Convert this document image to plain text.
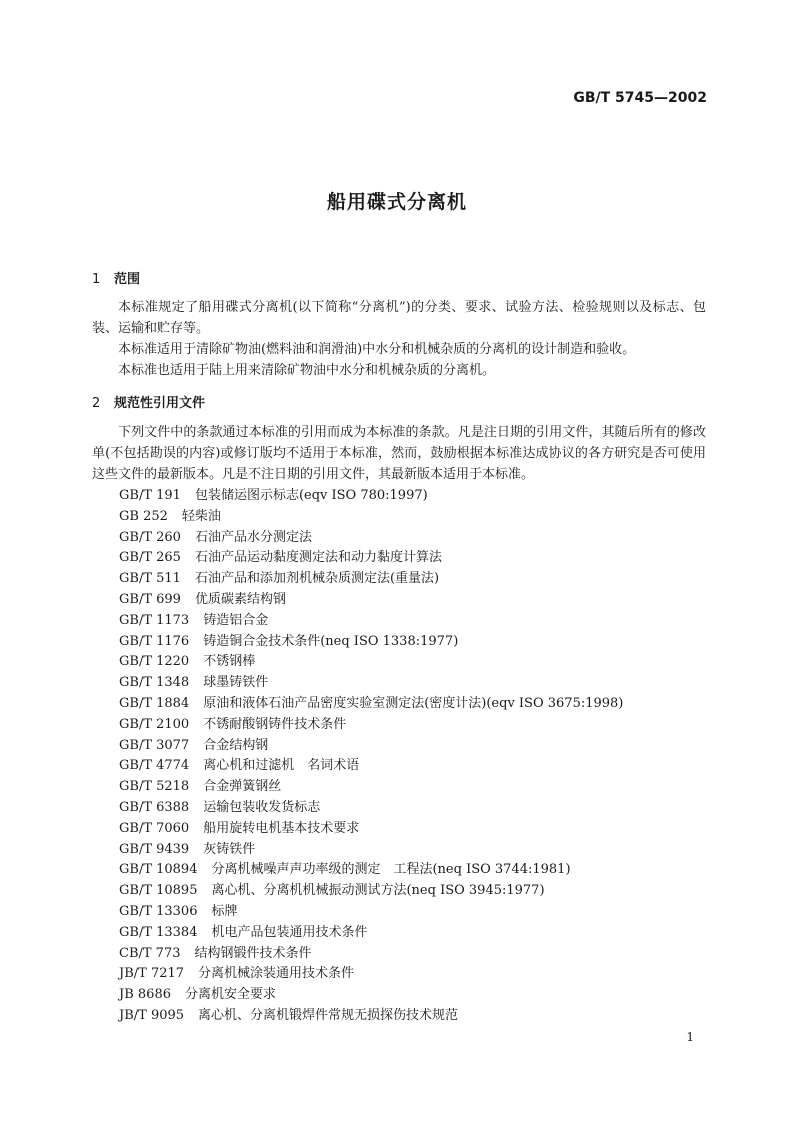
GB/T 5745—2002
船用碟式分离机
1 范围

本标准规定了船用碟式分离机(以下简称“分离机”)的分类、要求、试验方法、检验规则以及标志、包装、运输和贮存等。

本标准适用于清除矿物油(燃料油和润滑油)中水分和机械杂质的分离机的设计制造和验收。

本标准也适用于陆上用来清除矿物油中水分和机械杂质的分离机。

2 规范性引用文件

下列文件中的条款通过本标准的引用而成为本标准的条款。凡是注日期的引用文件，其随后所有的修改单(不包括勘误的内容)或修订版均不适用于本标准，然而，鼓励根据本标准达成协议的各方研究是否可使用这些文件的最新版本。凡是不注日期的引用文件，其最新版本适用于本标准。

GB/T 191 包装储运图示标志(eqv ISO 780:1997)
GB 252 轻柴油
GB/T 260 石油产品水分测定法
GB/T 265 石油产品运动黏度测定法和动力黏度计算法
GB/T 511 石油产品和添加剂机械杂质测定法(重量法)
GB/T 699 优质碳素结构钢
GB/T 1173 铸造铝合金
GB/T 1176 铸造铜合金技术条件(neq ISO 1338:1977)
GB/T 1220 不锈钢棒
GB/T 1348 球墨铸铁件
GB/T 1884 原油和液体石油产品密度实验室测定法(密度计法)(eqv ISO 3675:1998)
GB/T 2100 不锈耐酸钢铸件技术条件
GB/T 3077 合金结构钢
GB/T 4774 离心机和过滤机　名词术语
GB/T 5218 合金弹簧钢丝
GB/T 6388 运输包装收发货标志
GB/T 7060 船用旋转电机基本技术要求
GB/T 9439 灰铸铁件
GB/T 10894 分离机械噪声声功率级的测定　工程法(neq ISO 3744:1981)
GB/T 10895 离心机、分离机机械振动测试方法(neq ISO 3945:1977)
GB/T 13306 标牌
GB/T 13384 机电产品包装通用技术条件
CB/T 773 结构钢锻件技术条件
JB/T 7217 分离机械涂装通用技术条件
JB 8686 分离机安全要求
JB/T 9095 离心机、分离机锻焊件常规无损探伤技术规范
1
